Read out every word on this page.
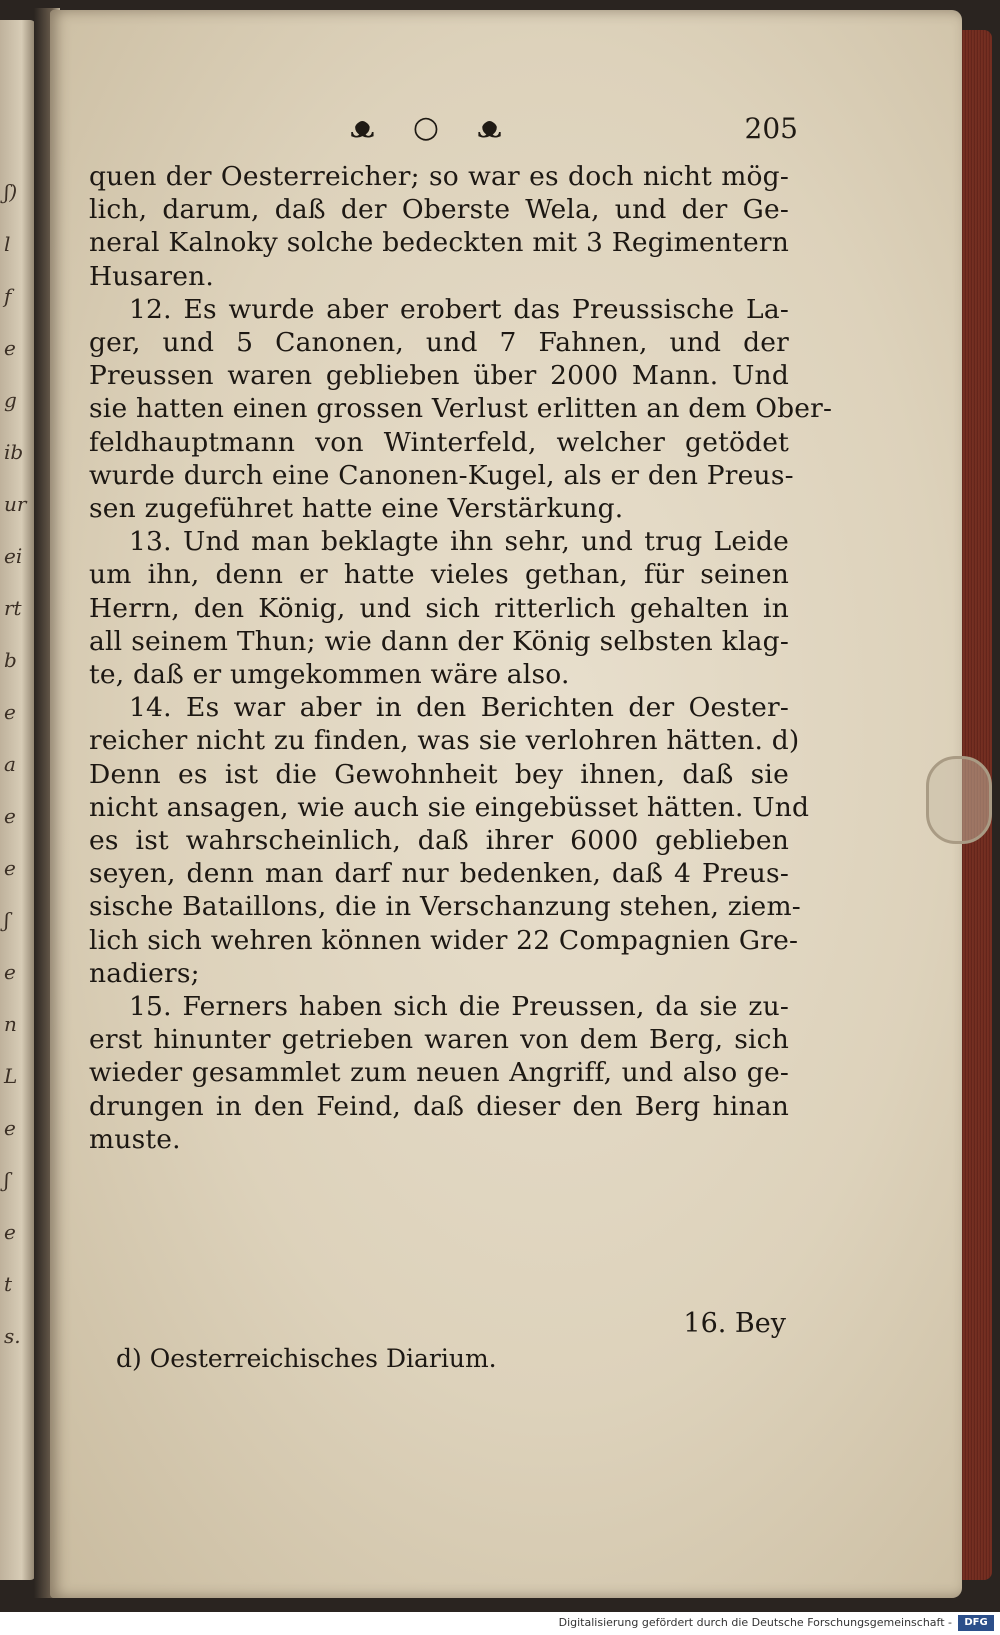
ʃ)
l
f
e
g
ib
ur
ei
rt
b
e
a
e
e
ʃ
e
n
L
e
ʃ
e
t
s.
ᴥ ○ ᴥ	205
quen der Oesterreicher; so war es doch nicht mög-
lich, darum, daß der Oberste Wela, und der Ge-
neral Kalnoky solche bedeckten mit 3 Regimentern
Husaren.
12. Es wurde aber erobert das Preussische La-
ger, und 5 Canonen, und 7 Fahnen, und der
Preussen waren geblieben über 2000 Mann. Und
sie hatten einen grossen Verlust erlitten an dem Ober-
feldhauptmann von Winterfeld, welcher getödet
wurde durch eine Canonen-Kugel, als er den Preus-
sen zugeführet hatte eine Verstärkung.
13. Und man beklagte ihn sehr, und trug Leide
um ihn, denn er hatte vieles gethan, für seinen
Herrn, den König, und sich ritterlich gehalten in
all seinem Thun; wie dann der König selbsten klag-
te, daß er umgekommen wäre also.
14. Es war aber in den Berichten der Oester-
reicher nicht zu finden, was sie verlohren hätten. d)
Denn es ist die Gewohnheit bey ihnen, daß sie
nicht ansagen, wie auch sie eingebüsset hätten. Und
es ist wahrscheinlich, daß ihrer 6000 geblieben
seyen, denn man darf nur bedenken, daß 4 Preus-
sische Bataillons, die in Verschanzung stehen, ziem-
lich sich wehren können wider 22 Compagnien Gre-
nadiers;
15. Ferners haben sich die Preussen, da sie zu-
erst hinunter getrieben waren von dem Berg, sich
wieder gesammlet zum neuen Angriff, und also ge-
drungen in den Feind, daß dieser den Berg hinan
muste.
16. Bey
d) Oesterreichisches Diarium.
Digitalisierung gefördert durch die Deutsche Forschungsgemeinschaft -	DFG
